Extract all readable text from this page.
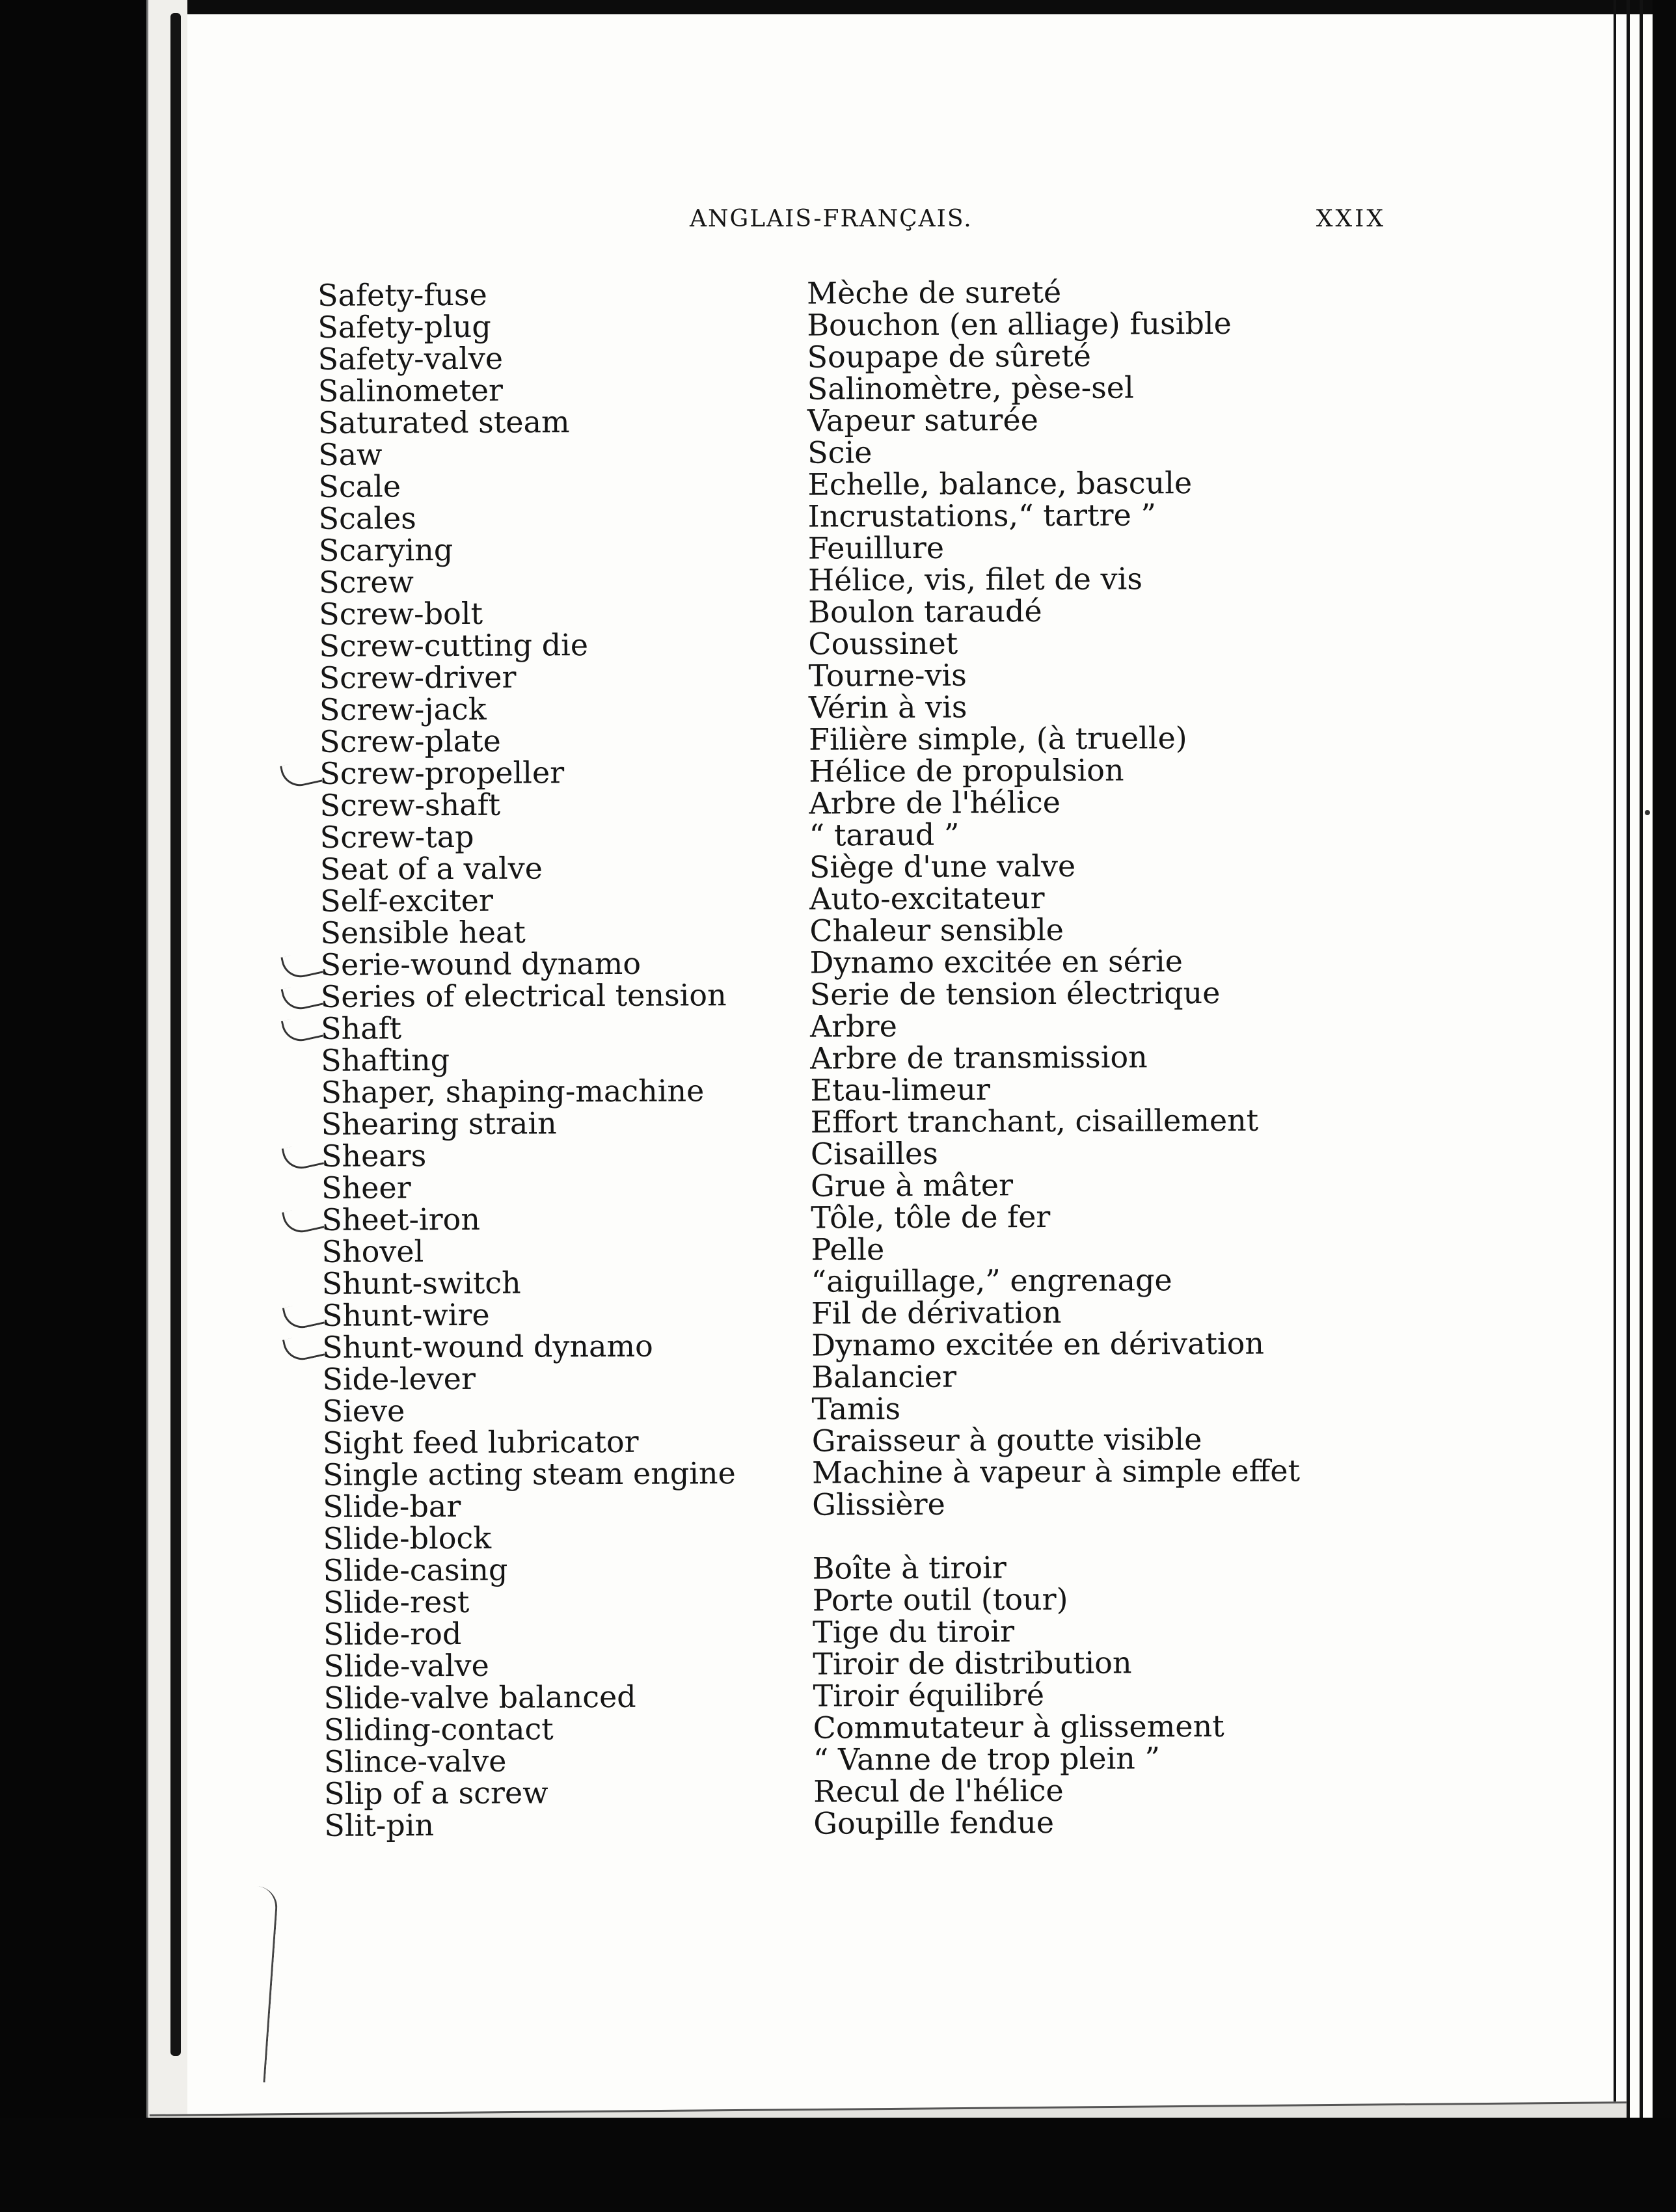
ANGLAIS-FRANÇAIS.	XXIX
Safety-fuse	Mèche de sureté
Safety-plug	Bouchon (en alliage) fusible
Safety-valve	Soupape de sûreté
Salinometer	Salinomètre, pèse-sel
Saturated steam	Vapeur saturée
Saw	Scie
Scale	Echelle, balance, bascule
Scales	Incrustations,“ tartre ”
Scarying	Feuillure
Screw	Hélice, vis, filet de vis
Screw-bolt	Boulon taraudé
Screw-cutting die	Coussinet
Screw-driver	Tourne-vis
Screw-jack	Vérin à vis
Screw-plate	Filière simple, (à truelle)
Screw-propeller	Hélice de propulsion
Screw-shaft	Arbre de l'hélice
Screw-tap	“ taraud ”
Seat of a valve	Siège d'une valve
Self-exciter	Auto-excitateur
Sensible heat	Chaleur sensible
Serie-wound dynamo	Dynamo excitée en série
Series of electrical tension	Serie de tension électrique
Shaft	Arbre
Shafting	Arbre de transmission
Shaper, shaping-machine	Etau-limeur
Shearing strain	Effort tranchant, cisaillement
Shears	Cisailles
Sheer	Grue à mâter
Sheet-iron	Tôle, tôle de fer
Shovel	Pelle
Shunt-switch	“aiguillage,” engrenage
Shunt-wire	Fil de dérivation
Shunt-wound dynamo	Dynamo excitée en dérivation
Side-lever	Balancier
Sieve	Tamis
Sight feed lubricator	Graisseur à goutte visible
Single acting steam engine	Machine à vapeur à simple effet
Slide-bar	Glissière
Slide-block
Slide-casing	Boîte à tiroir
Slide-rest	Porte outil (tour)
Slide-rod	Tige du tiroir
Slide-valve	Tiroir de distribution
Slide-valve balanced	Tiroir équilibré
Sliding-contact	Commutateur à glissement
Slince-valve	“ Vanne de trop plein ”
Slip of a screw	Recul de l'hélice
Slit-pin	Goupille fendue
